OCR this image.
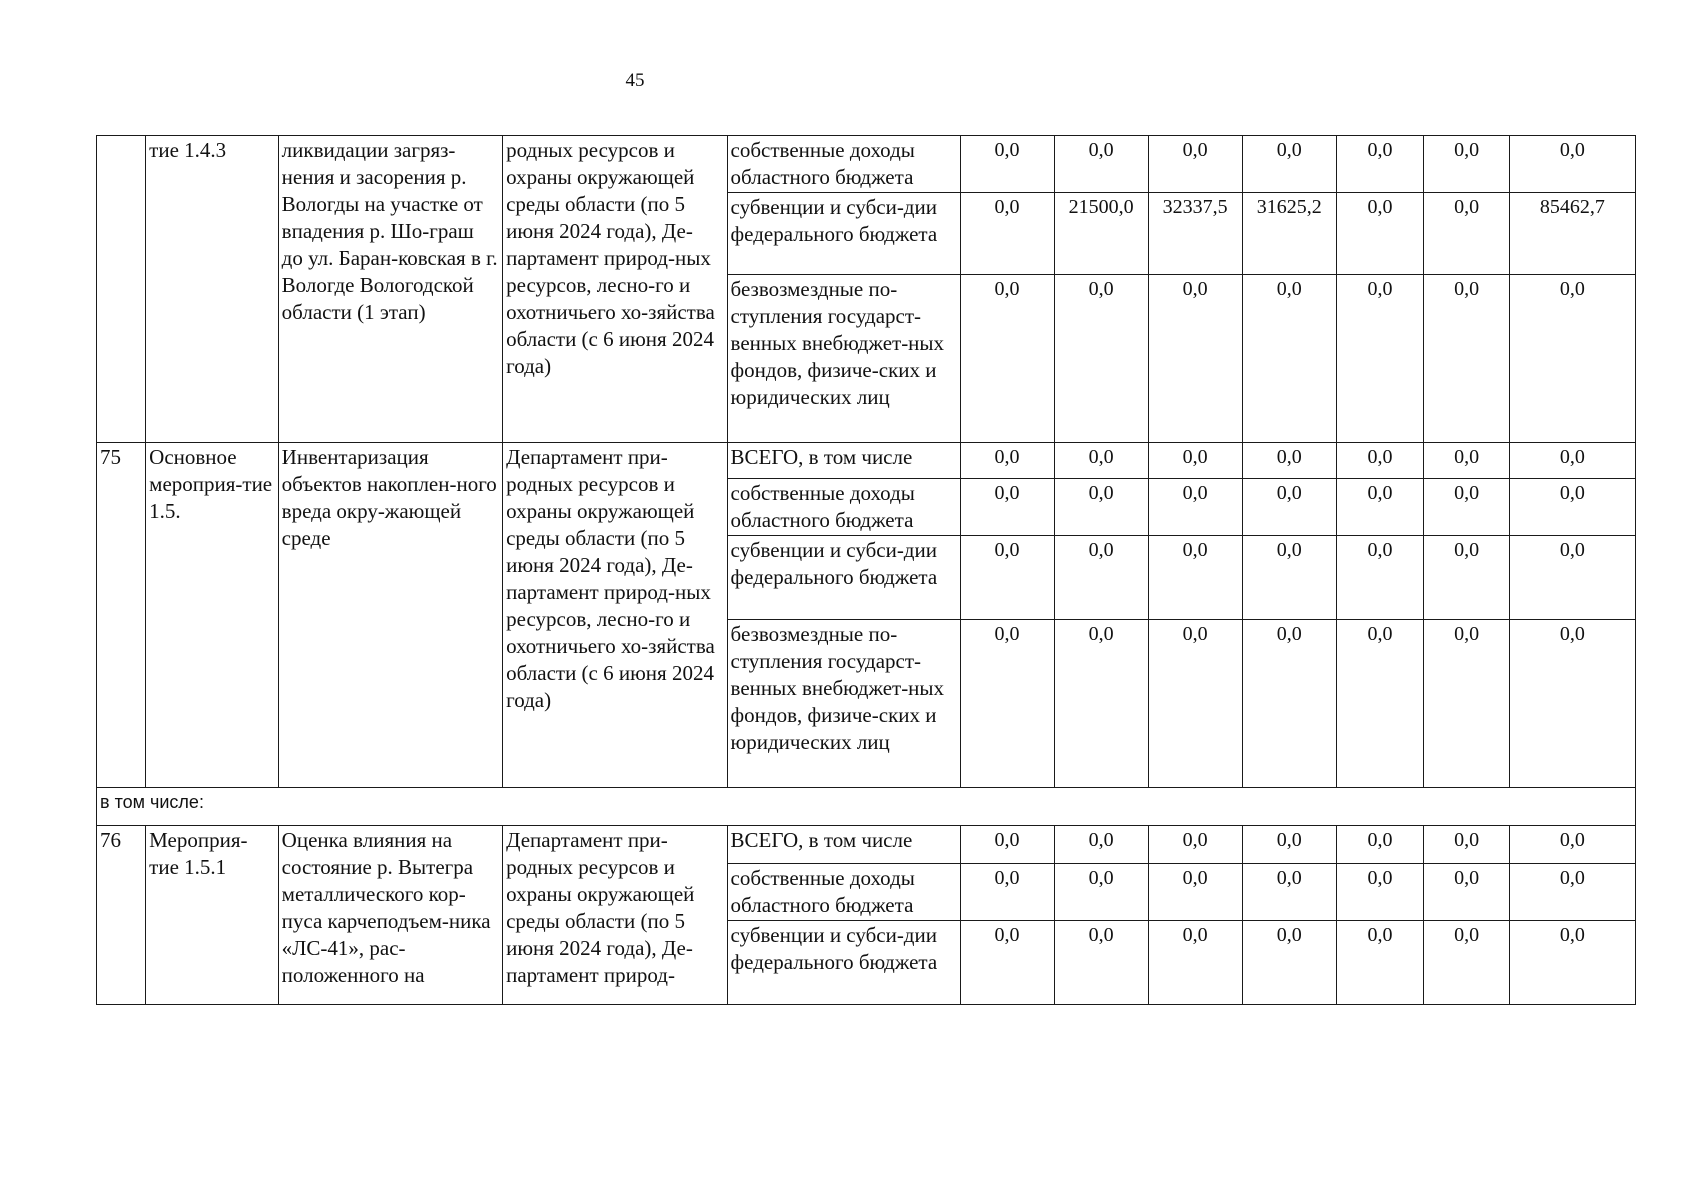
45
	тие 1.4.3	ликвидации загряз-нения и засорения р. Вологды на участке от впадения р. Шо-граш до ул. Баран-ковская в г. Вологде Вологодской области (1 этап)	родных ресурсов и охраны окружающей среды области (по 5 июня 2024 года), Де-партамент природ-ных ресурсов, лесно-го и охотничьего хо-зяйства области (с 6 июня 2024 года)	собственные доходы областного бюджета	0,0	0,0	0,0	0,0	0,0	0,0	0,0
				субвенции и субси-дии федерального бюджета	0,0	21500,0	32337,5	31625,2	0,0	0,0	85462,7
				безвозмездные по-ступления государст-венных внебюджет-ных фондов, физиче-ских и юридических лиц	0,0	0,0	0,0	0,0	0,0	0,0	0,0
75	Основное мероприя-тие 1.5.	Инвентаризация объектов накоплен-ного вреда окру-жающей среде	Департамент при-родных ресурсов и охраны окружающей среды области (по 5 июня 2024 года), Де-партамент природ-ных ресурсов, лесно-го и охотничьего хо-зяйства области (с 6 июня 2024 года)	ВСЕГО, в том числе	0,0	0,0	0,0	0,0	0,0	0,0	0,0
				собственные доходы областного бюджета	0,0	0,0	0,0	0,0	0,0	0,0	0,0
				субвенции и субси-дии федерального бюджета	0,0	0,0	0,0	0,0	0,0	0,0	0,0
				безвозмездные по-ступления государст-венных внебюджет-ных фондов, физиче-ских и юридических лиц	0,0	0,0	0,0	0,0	0,0	0,0	0,0
в том числе:											
76	Мероприя-тие 1.5.1	Оценка влияния на состояние р. Вытегра металлического кор-пуса карчеподъем-ника «ЛС-41», рас-положенного на	Департамент при-родных ресурсов и охраны окружающей среды области (по 5 июня 2024 года), Де-партамент природ-	ВСЕГО, в том числе	0,0	0,0	0,0	0,0	0,0	0,0	0,0
				собственные доходы областного бюджета	0,0	0,0	0,0	0,0	0,0	0,0	0,0
				субвенции и субси-дии федерального бюджета	0,0	0,0	0,0	0,0	0,0	0,0	0,0
